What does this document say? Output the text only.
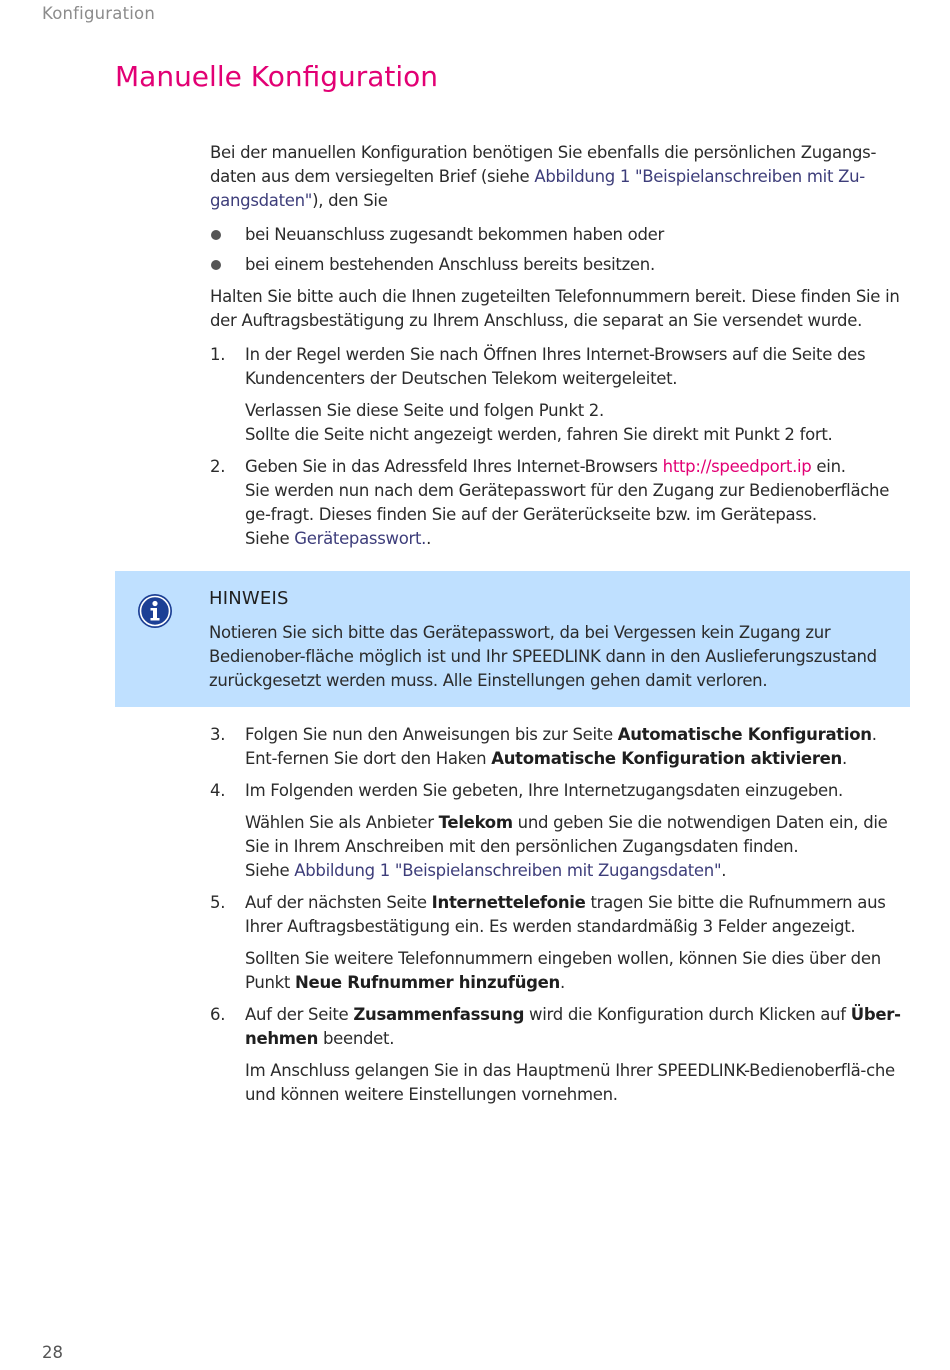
Konfiguration
Manuelle Konfiguration

Bei der manuellen Konfiguration benötigen Sie ebenfalls die persönlichen Zugangs-daten aus dem versiegelten Brief (siehe Abbildung 1 "Beispielanschreiben mit Zu-gangsdaten"), den Sie

bei Neuanschluss zugesandt bekommen haben oder
bei einem bestehenden Anschluss bereits besitzen.

Halten Sie bitte auch die Ihnen zugeteilten Telefonnummern bereit. Diese finden Sie in der Auftragsbestätigung zu Ihrem Anschluss, die separat an Sie versendet wurde.

1. In der Regel werden Sie nach Öffnen Ihres Internet-Browsers auf die Seite des Kundencenters der Deutschen Telekom weitergeleitet.

Verlassen Sie diese Seite und folgen Punkt 2.
Sollte die Seite nicht angezeigt werden, fahren Sie direkt mit Punkt 2 fort.

2. Geben Sie in das Adressfeld Ihres Internet-Browsers http://speedport.ip ein.
Sie werden nun nach dem Gerätepasswort für den Zugang zur Bedienoberfläche ge-fragt. Dieses finden Sie auf der Geräterückseite bzw. im Gerätepass.
Siehe Gerätepasswort..

HINWEIS

Notieren Sie sich bitte das Gerätepasswort, da bei Vergessen kein Zugang zur Bedienober-fläche möglich ist und Ihr SPEEDLINK dann in den Auslieferungszustand zurückgesetzt werden muss. Alle Einstellungen gehen damit verloren.

3. Folgen Sie nun den Anweisungen bis zur Seite Automatische Konfiguration. Ent-fernen Sie dort den Haken Automatische Konfiguration aktivieren.

4. Im Folgenden werden Sie gebeten, Ihre Internetzugangsdaten einzugeben.

Wählen Sie als Anbieter Telekom und geben Sie die notwendigen Daten ein, die Sie in Ihrem Anschreiben mit den persönlichen Zugangsdaten finden.
Siehe Abbildung 1 "Beispielanschreiben mit Zugangsdaten".

5. Auf der nächsten Seite Internettelefonie tragen Sie bitte die Rufnummern aus Ihrer Auftragsbestätigung ein. Es werden standardmäßig 3 Felder angezeigt.

Sollten Sie weitere Telefonnummern eingeben wollen, können Sie dies über den Punkt Neue Rufnummer hinzufügen.

6. Auf der Seite Zusammenfassung wird die Konfiguration durch Klicken auf Über-nehmen beendet.

Im Anschluss gelangen Sie in das Hauptmenü Ihrer SPEEDLINK-Bedienoberflä-che und können weitere Einstellungen vornehmen.

28
